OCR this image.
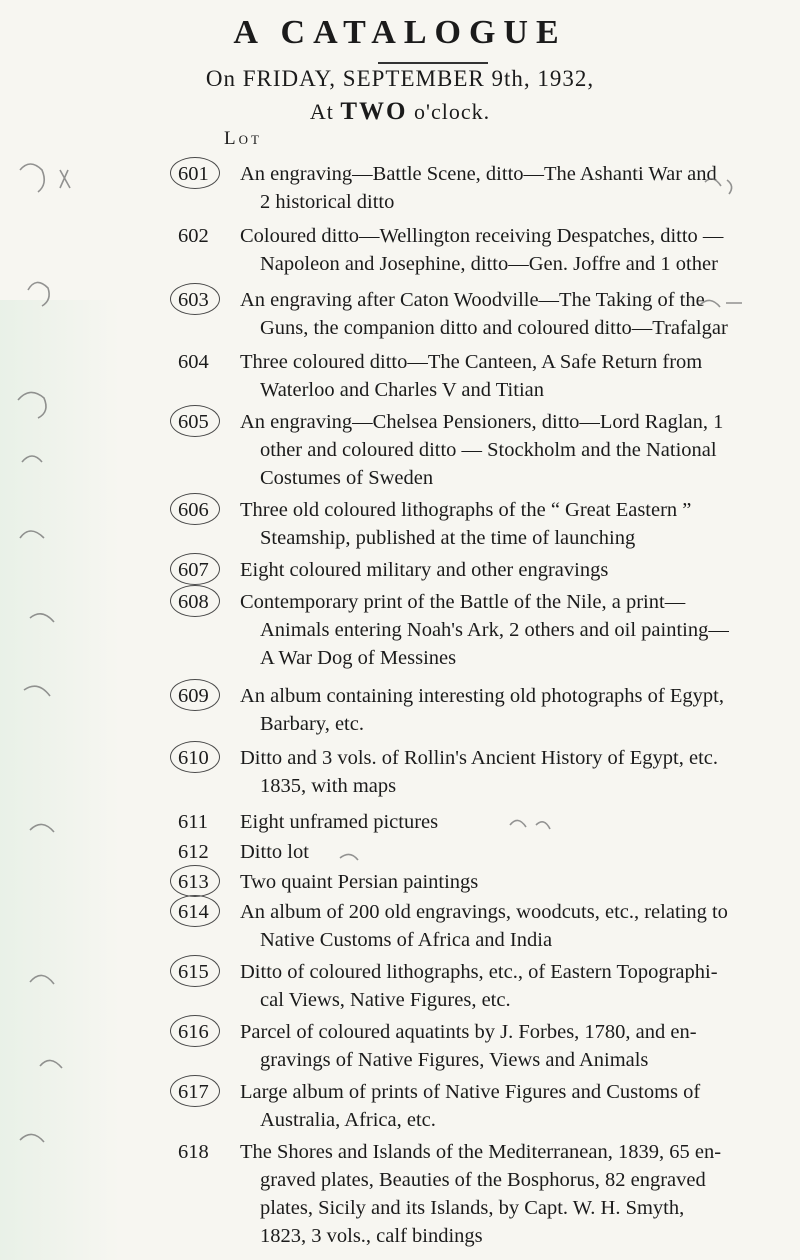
A CATALOGUE
On FRIDAY, SEPTEMBER 9th, 1932,
At TWO o'clock.
Lot
601	An engraving—Battle Scene, ditto—The Ashanti War and
2 historical ditto
602	Coloured ditto—Wellington receiving Despatches, ditto —
Napoleon and Josephine, ditto—Gen. Joffre and 1 other
603	An engraving after Caton Woodville—The Taking of the
Guns, the companion ditto and coloured ditto—Trafalgar
604	Three coloured ditto—The Canteen, A Safe Return from
Waterloo and Charles V and Titian
605	An engraving—Chelsea Pensioners, ditto—Lord Raglan, 1
other and coloured ditto — Stockholm and the National
Costumes of Sweden
606	Three old coloured lithographs of the “ Great Eastern ”
Steamship, published at the time of launching
607	Eight coloured military and other engravings
608	Contemporary print of the Battle of the Nile, a print—
Animals entering Noah's Ark, 2 others and oil painting—
A War Dog of Messines
609	An album containing interesting old photographs of Egypt,
Barbary, etc.
610	Ditto and 3 vols. of Rollin's Ancient History of Egypt, etc.
1835, with maps
611	Eight unframed pictures
612	Ditto lot
613	Two quaint Persian paintings
614	An album of 200 old engravings, woodcuts, etc., relating to
Native Customs of Africa and India
615	Ditto of coloured lithographs, etc., of Eastern Topographi-
cal Views, Native Figures, etc.
616	Parcel of coloured aquatints by J. Forbes, 1780, and en-
gravings of Native Figures, Views and Animals
617	Large album of prints of Native Figures and Customs of
Australia, Africa, etc.
618	The Shores and Islands of the Mediterranean, 1839, 65 en-
graved plates, Beauties of the Bosphorus, 82 engraved
plates, Sicily and its Islands, by Capt. W. H. Smyth,
1823, 3 vols., calf bindings
